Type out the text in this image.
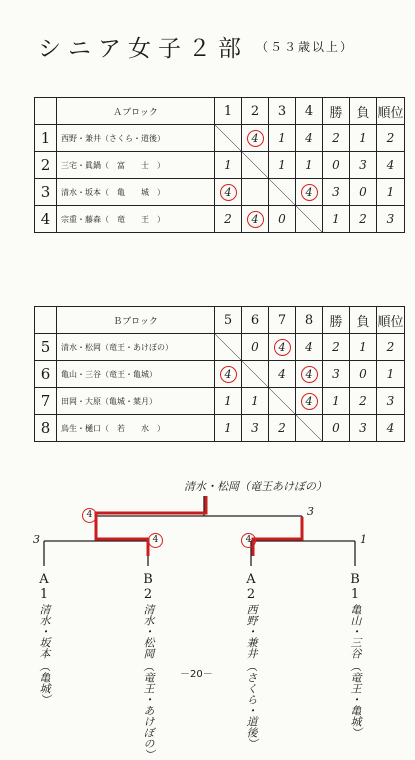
シニア女子２部 （５３歳以上）
	Ａブロック	1	2	3	4	勝	負	順位
1	西野・兼井（さくら・道後）		4	1	4	2	1	2
2	三宅・眞鍋（　富　　士　）	1		1	1	0	3	4
3	清水・坂本（　亀　　城　）	4			4	3	0	1
4	宗重・藤森（　竜　　王　）	2	4	0		1	2	3
	Ｂブロック	5	6	7	8	勝	負	順位
5	清水・松岡（竜王・あけぼの）		0	4	4	2	1	2
6	亀山・三谷（竜王・亀城）	4		4	4	3	0	1
7	田岡・大原（亀城・葉月）	1	1		4	1	2	3
8	鳥生・樋口（　若　　水　）	1	3	2		0	3	4
清水・松岡（竜王あけぼの）
4	3
3	4	4	1
A 1
清水・坂本
（亀城）
B 2
清水・松岡
（竜王・あけぼの）
A 2
西野・兼井
（さくら・道後）
B 1
亀山・三谷
（竜王・亀城）
－20－
